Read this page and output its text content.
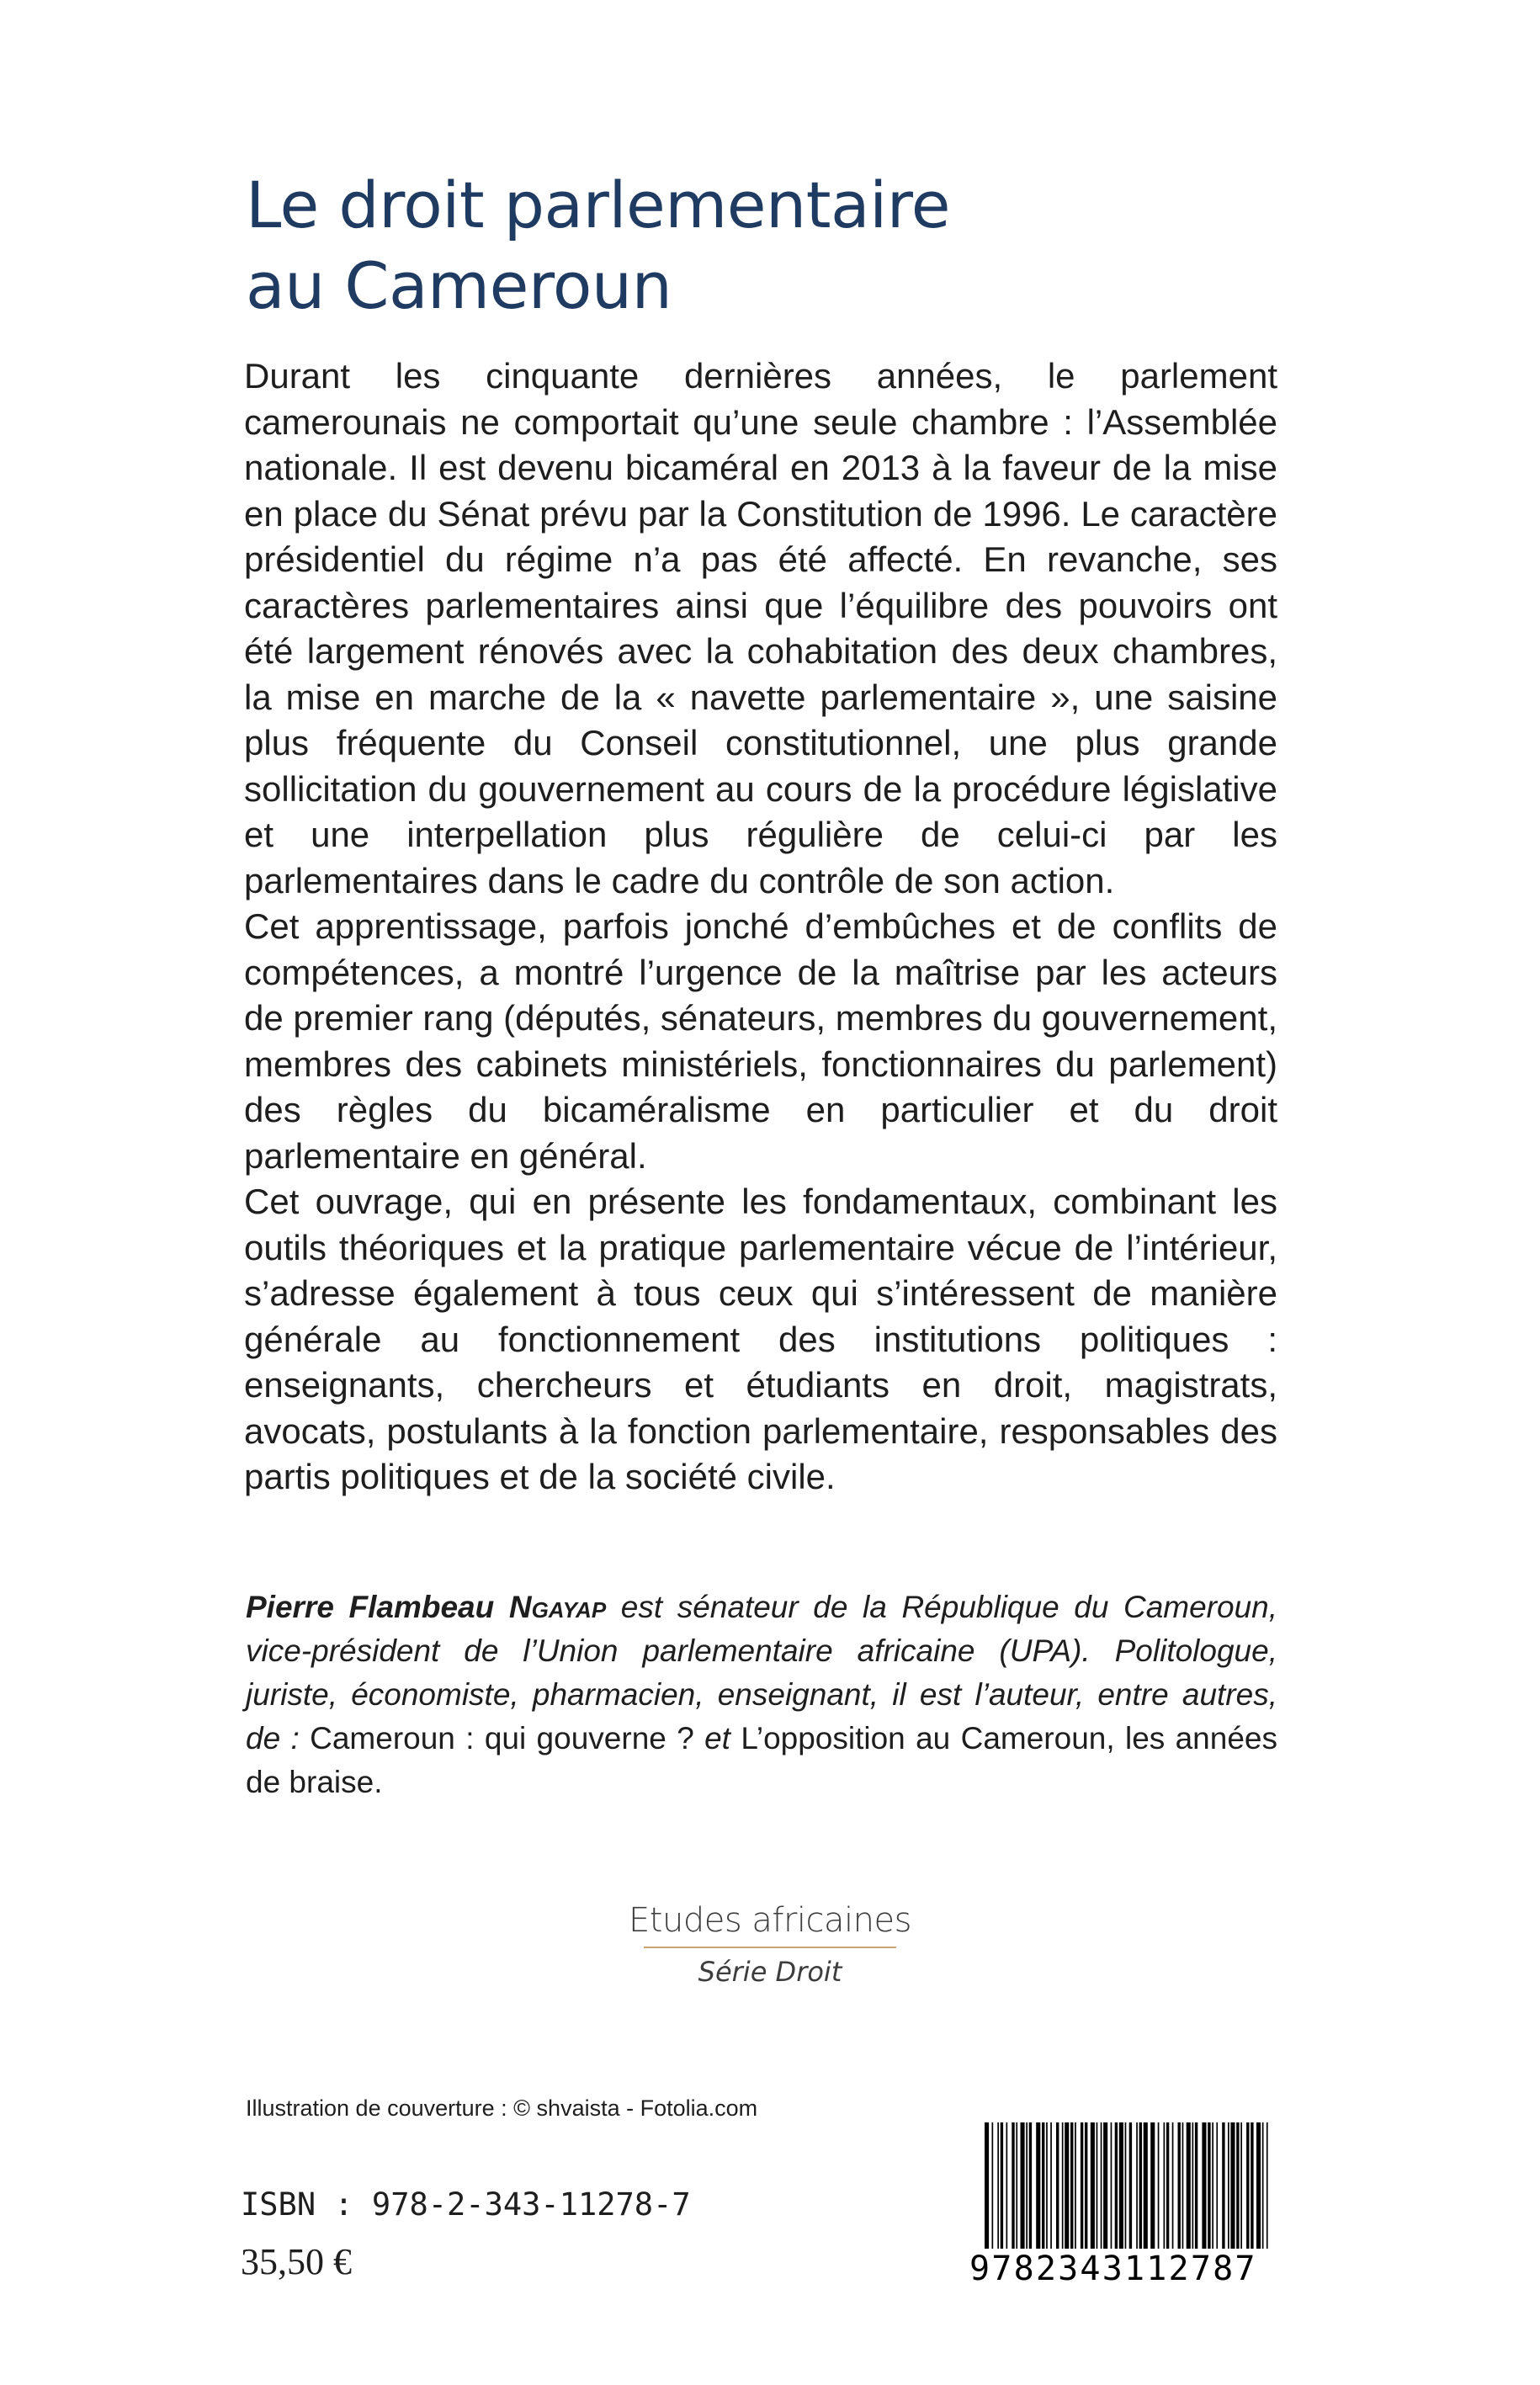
Le droit parlementaire
au Cameroun

Durant les cinquante dernières années, le parlement camerounais ne comportait qu’une seule chambre : l’Assemblée nationale. Il est devenu bicaméral en 2013 à la faveur de la mise en place du Sénat prévu par la Constitution de 1996. Le caractère présidentiel du régime n’a pas été affecté. En revanche, ses caractères parlementaires ainsi que l’équilibre des pouvoirs ont été largement rénovés avec la cohabitation des deux chambres, la mise en marche de la « navette parlementaire », une saisine plus fréquente du Conseil constitutionnel, une plus grande sollicitation du gouvernement au cours de la procédure législative et une interpellation plus régulière de celui-ci par les parlementaires dans le cadre du contrôle de son action.

Cet apprentissage, parfois jonché d’embûches et de conflits de compétences, a montré l’urgence de la maîtrise par les acteurs de premier rang (députés, sénateurs, membres du gouvernement, membres des cabinets ministériels, fonctionnaires du parlement) des règles du bicaméralisme en particulier et du droit parlementaire en général.

Cet ouvrage, qui en présente les fondamentaux, combinant les outils théoriques et la pratique parlementaire vécue de l’intérieur, s’adresse également à tous ceux qui s’intéressent de manière générale au fonctionnement des institutions politiques : enseignants, chercheurs et étudiants en droit, magistrats, avocats, postulants à la fonction parlementaire, responsables des partis politiques et de la société civile.

Pierre Flambeau Ngayap est sénateur de la République du Cameroun, vice-président de l’Union parlementaire africaine (UPA). Politologue, juriste, économiste, pharmacien, enseignant, il est l’auteur, entre autres, de : Cameroun : qui gouverne ? et L’opposition au Cameroun, les années de braise.
Etudes africaines
Série Droit
Illustration de couverture : © shvaista - Fotolia.com
ISBN : 978-2-343-11278-7
35,50 €	9782343112787
